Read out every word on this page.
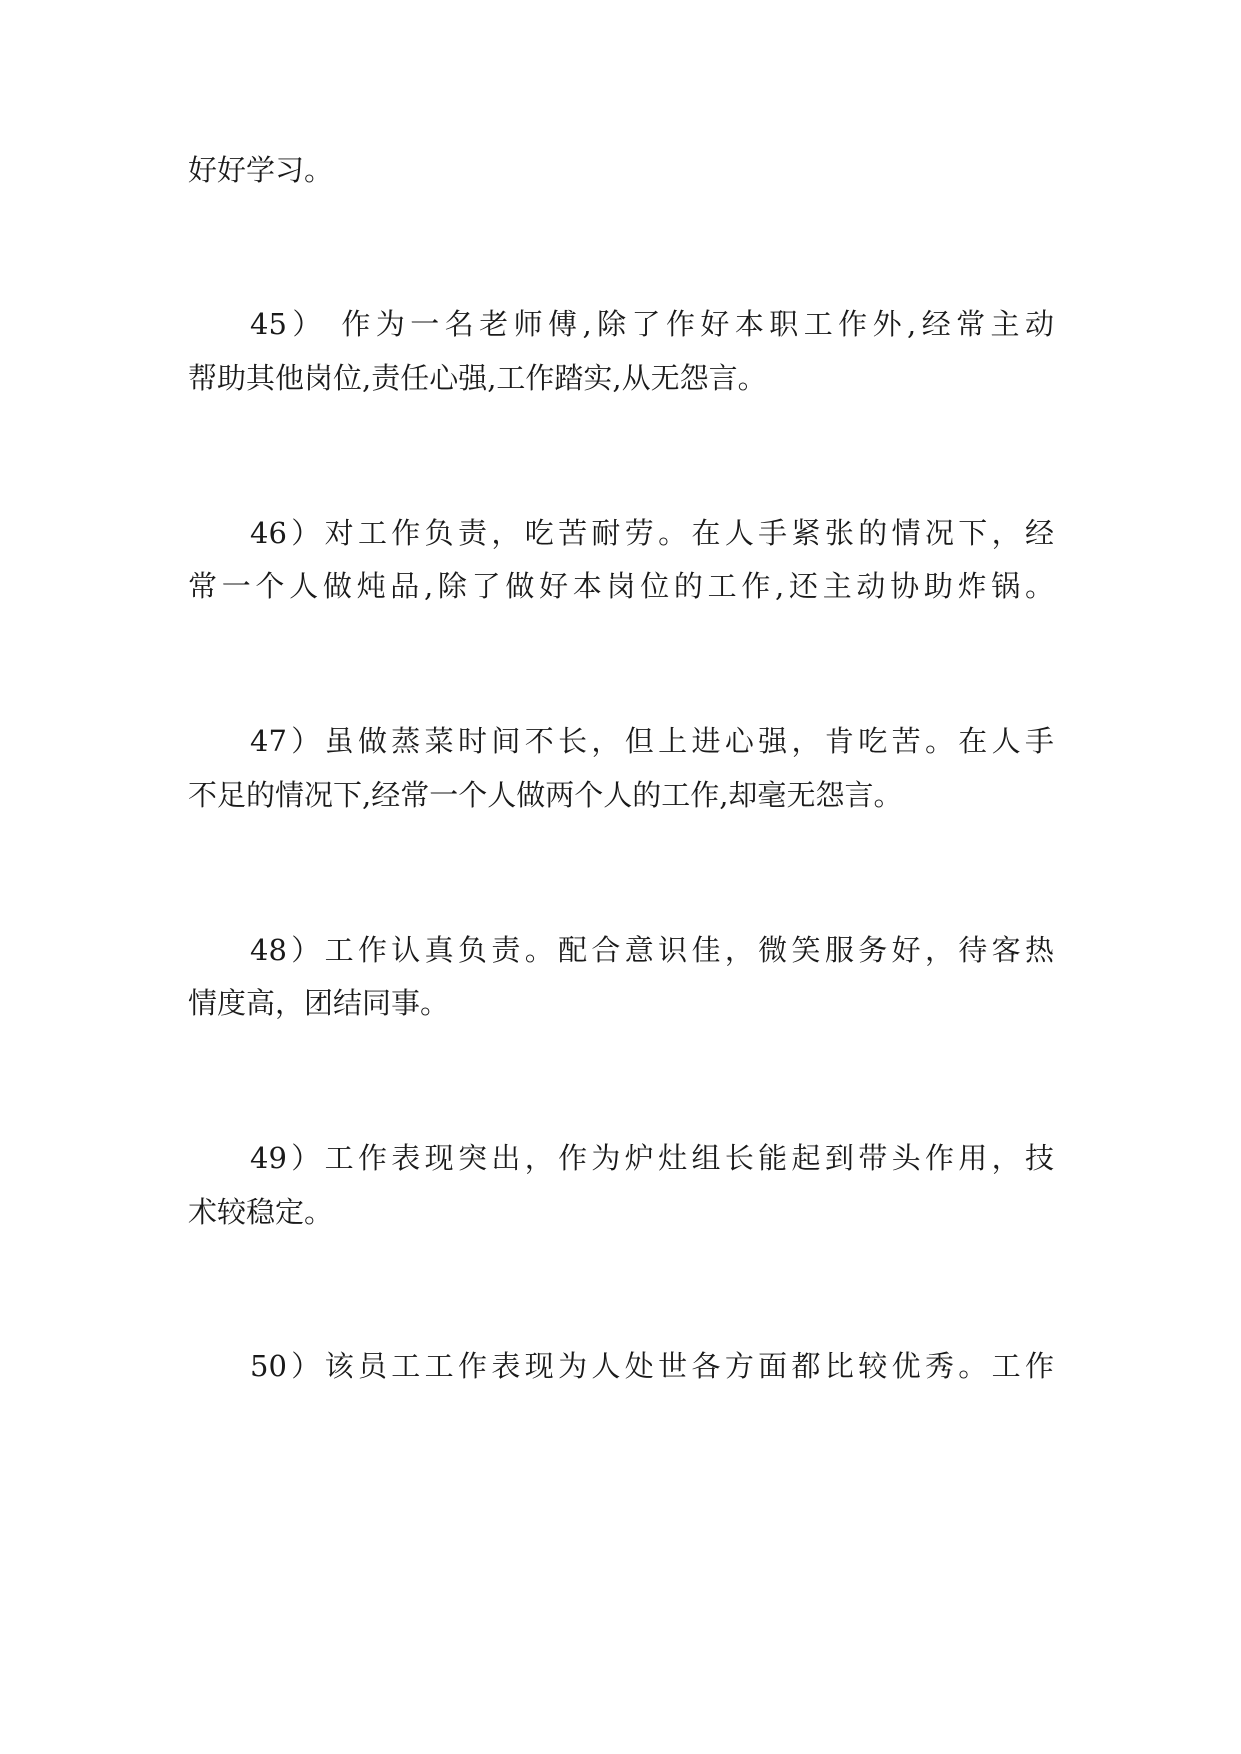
好好学习。
45） 作为一名老师傅,除了作好本职工作外,经常主动
帮助其他岗位,责任心强,工作踏实,从无怨言。
46）对工作负责，吃苦耐劳。在人手紧张的情况下，经
常一个人做炖品,除了做好本岗位的工作,还主动协助炸锅。
47）虽做蒸菜时间不长，但上进心强，肯吃苦。在人手
不足的情况下,经常一个人做两个人的工作,却毫无怨言。
48）工作认真负责。配合意识佳，微笑服务好，待客热
情度高，团结同事。
49）工作表现突出，作为炉灶组长能起到带头作用，技
术较稳定。
50）该员工工作表现为人处世各方面都比较优秀。工作
